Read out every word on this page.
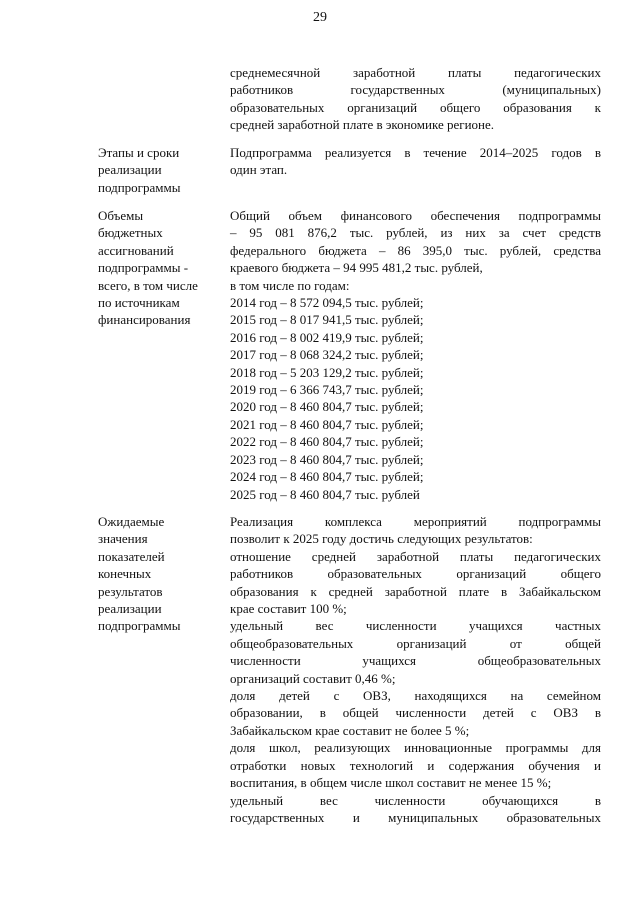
29

среднемесячной заработной платы педагогических

работников государственных (муниципальных)

образовательных организаций общего образования к

средней заработной плате в экономике регионе.

Этапы и сроки реализации подпрограммы

Подпрограмма реализуется в течение 2014–2025 годов в

один этап.

Объемы бюджетных ассигнований подпрограммы - всего, в том числе по источникам финансирования

Общий объем финансового обеспечения подпрограммы

– 95 081 876,2 тыс. рублей, из них за счет средств

федерального бюджета – 86 395,0 тыс. рублей, средства

краевого бюджета – 94 995 481,2 тыс. рублей,

в том числе по годам:

2014 год – 8 572 094,5 тыс. рублей;
2015 год – 8 017 941,5 тыс. рублей;
2016 год – 8 002 419,9 тыс. рублей;
2017 год – 8 068 324,2 тыс. рублей;
2018 год – 5 203 129,2 тыс. рублей;
2019 год – 6 366 743,7 тыс. рублей;
2020 год – 8 460 804,7 тыс. рублей;
2021 год – 8 460 804,7 тыс. рублей;
2022 год – 8 460 804,7 тыс. рублей;
2023 год – 8 460 804,7 тыс. рублей;
2024 год – 8 460 804,7 тыс. рублей;
2025 год – 8 460 804,7 тыс. рублей
Ожидаемые значения показателей конечных результатов реализации подпрограммы

Реализация комплекса мероприятий подпрограммы

позволит к 2025 году достичь следующих результатов:

отношение средней заработной платы педагогических

работников образовательных организаций общего

образования к средней заработной плате в Забайкальском

крае составит 100 %;

удельный вес численности учащихся частных

общеобразовательных организаций от общей

численности учащихся общеобразовательных

организаций составит 0,46 %;

доля детей с ОВЗ, находящихся на семейном

образовании, в общей численности детей с ОВЗ в

Забайкальском крае составит не более 5 %;

доля школ, реализующих инновационные программы для

отработки новых технологий и содержания обучения и

воспитания, в общем числе школ составит не менее 15 %;

удельный вес численности обучающихся в

государственных и муниципальных образовательных
